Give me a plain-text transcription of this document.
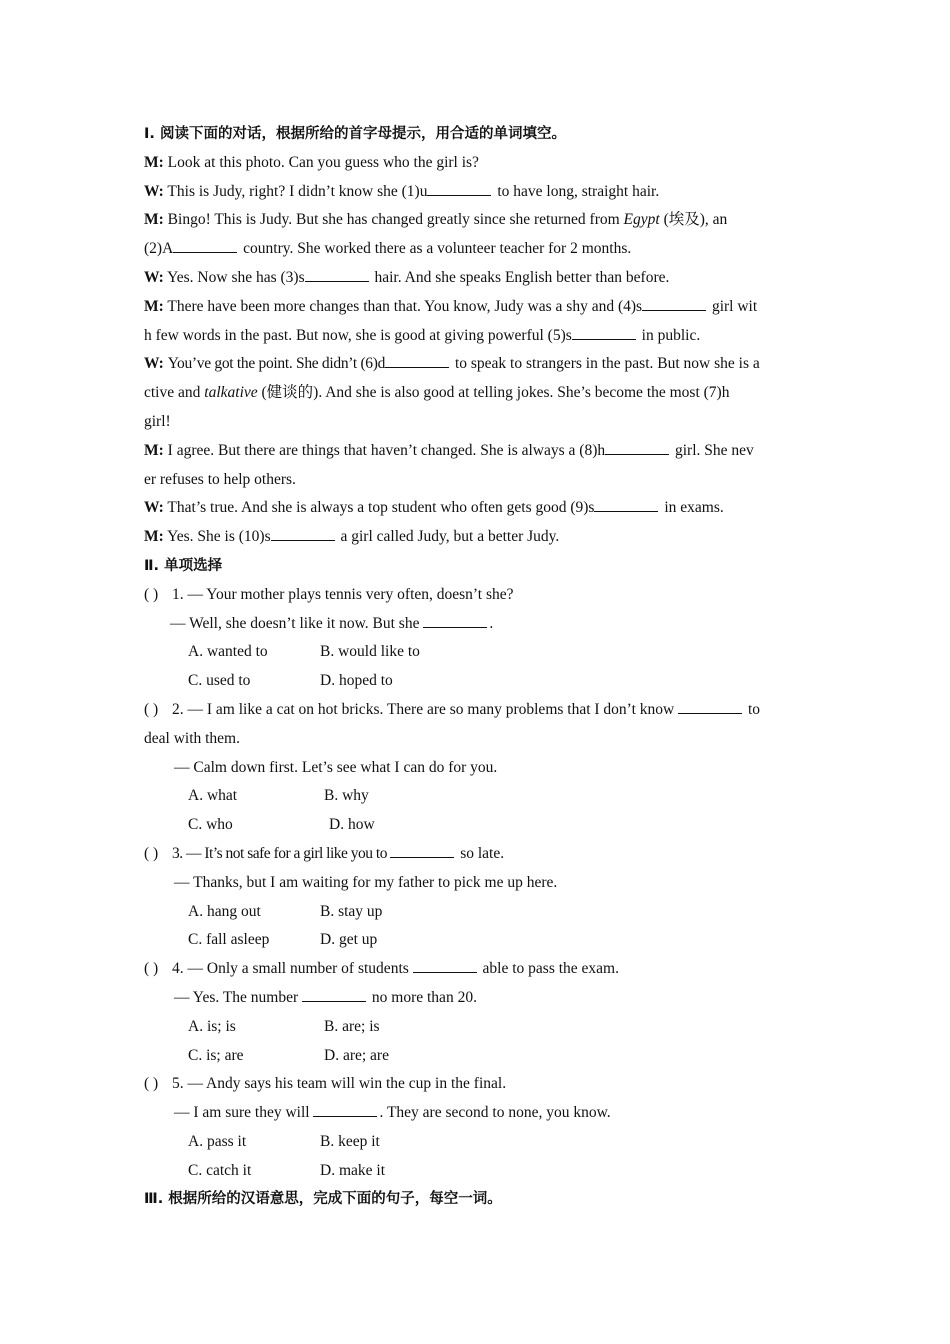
Ⅰ. 阅读下面的对话，根据所给的首字母提示，用合适的单词填空。
M: Look at this photo. Can you guess who the girl is?
W: This is Judy, right? I didn’t know she (1)u	to have long, straight hair.
M: Bingo! This is Judy. But she has changed greatly since she returned from Egypt (埃及), an
(2)A	country. She worked there as a volunteer teacher for 2 months.
W: Yes. Now she has (3)s	hair. And she speaks English better than before.
M: There have been more changes than that. You know, Judy was a shy and (4)s	girl wit
h few words in the past. But now, she is good at giving powerful (5)s	in public.
W: You’ve got the point. She didn’t (6)d	to speak to strangers in the past. But now she is a
ctive and talkative (健谈的). And she is also good at telling jokes. She’s become the most (7)h
girl!
M: I agree. But there are things that haven’t changed. She is always a (8)h	girl. She nev
er refuses to help others.
W: That’s true. And she is always a top student who often gets good (9)s	in exams.
M: Yes. She is (10)s	a girl called Judy, but a better Judy.
Ⅱ. 单项选择
( ) 1. — Your mother plays tennis very often, doesn’t she?
— Well, she doesn’t like it now. But she	.
A. wanted to	B. would like to
C. used to	D. hoped to
( ) 2. — I am like a cat on hot bricks. There are so many problems that I don’t know	to
deal with them.
— Calm down first. Let’s see what I can do for you.
A. what	B. why
C. who	D. how
( ) 3. — It’s not safe for a girl like you to	so late.
— Thanks, but I am waiting for my father to pick me up here.
A. hang out	B. stay up
C. fall asleep	D. get up
( ) 4. — Only a small number of students	able to pass the exam.
— Yes. The number	no more than 20.
A. is; is	B. are; is
C. is; are	D. are; are
( ) 5. — Andy says his team will win the cup in the final.
— I am sure they will	. They are second to none, you know.
A. pass it	B. keep it
C. catch it	D. make it
Ⅲ. 根据所给的汉语意思，完成下面的句子，每空一词。
